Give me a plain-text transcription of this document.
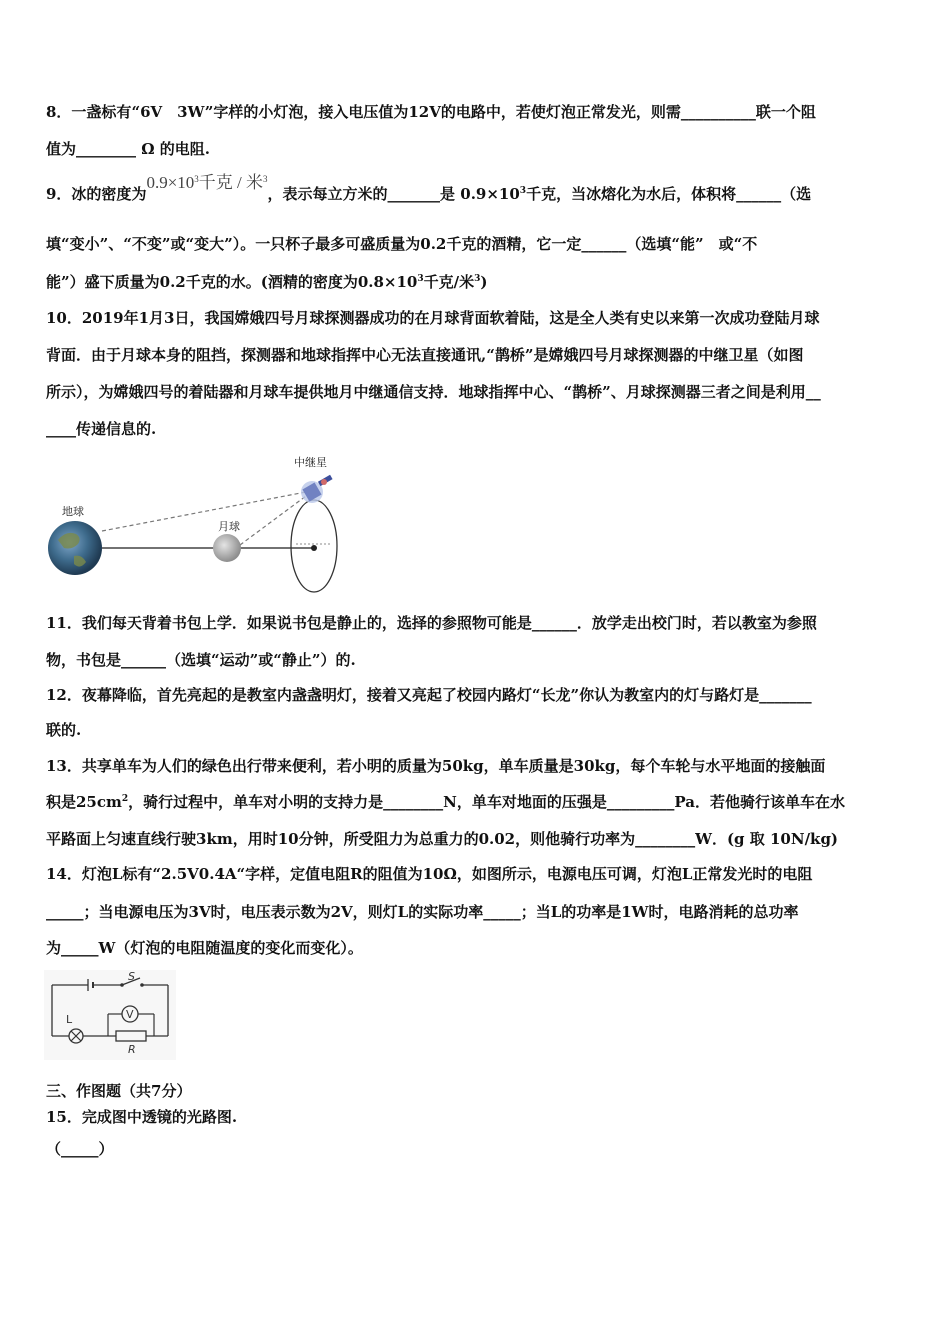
8．一盏标有“6V　3W”字样的小灯泡，接入电压值为12V的电路中，若使灯泡正常发光，则需__________联一个阻
值为________ Ω 的电阻.
9．冰的密度为$0.9\times 10^3$千克 / 米$^3$，表示每立方米的_______是 $0.9\times 10^3$千克，当冰熔化为水后，体积将______（选
填“变小”、“不变”或“变大”）。一只杯子最多可盛质量为0.2千克的酒精，它一定______（选填“能”　或“不
能”）盛下质量为0.2千克的水。(酒精的密度为$0.8\times 10^3$千克/米$^3$)
10．2019年1月3日，我国嫦娥四号月球探测器成功的在月球背面软着陆，这是全人类有史以来第一次成功登陆月球
背面．由于月球本身的阻挡，探测器和地球指挥中心无法直接通讯,“鹊桥”是嫦娥四号月球探测器的中继卫星（如图
所示），为嫦娥四号的着陆器和月球车提供地月中继通信支持．地球指挥中心、“鹊桥”、月球探测器三者之间是利用__
____传递信息的.
中继星
地球
月球
11．我们每天背着书包上学．如果说书包是静止的，选择的参照物可能是______．放学走出校门时，若以教室为参照
物，书包是______（选填“运动”或“静止”）的.
12．夜幕降临，首先亮起的是教室内盏盏明灯，接着又亮起了校园内路灯“长龙”你认为教室内的灯与路灯是_______
联的.
13．共享单车为人们的绿色出行带来便利，若小明的质量为50kg，单车质量是30kg，每个车轮与水平地面的接触面
积是$25cm^2$，骑行过程中，单车对小明的支持力是________N，单车对地面的压强是_________Pa．若他骑行该单车在水
平路面上匀速直线行驶3km，用时10分钟，所受阻力为总重力的0.02，则他骑行功率为________W．(g 取 10N/kg)
14．灯泡L标有“2.5V0.4A“字样，定值电阻R的阻值为10Ω，如图所示，电源电压可调，灯泡L正常发光时的电阻
_____；当电源电压为3V时，电压表示数为2V，则灯L的实际功率_____；当L的功率是1W时，电路消耗的总功率
为_____W（灯泡的电阻随温度的变化而变化）。
S
L
R
V
三、作图题（共7分）
15．完成图中透镜的光路图.
（_____）
